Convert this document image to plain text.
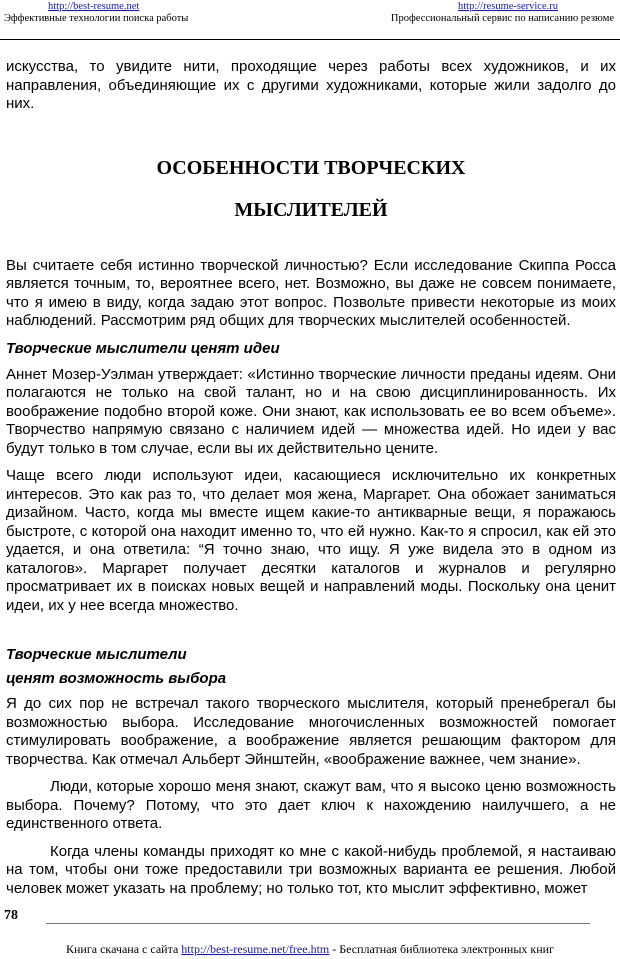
http://best-resume.net
Эффективные технологии поиска работы
http://resume-service.ru
Профессиональный сервис по написанию резюме

искусства, то увидите нити, проходящие через работы всех художников, и их направления, объединяющие их с другими художниками, которые жили задолго до них.

ОСОБЕННОСТИ ТВОРЧЕСКИХ

МЫСЛИТЕЛЕЙ

Вы считаете себя истинно творческой личностью? Если исследование Скиппа Росса является точным, то, вероятнее всего, нет. Возможно, вы даже не совсем понимаете, что я имею в виду, когда задаю этот вопрос. Позвольте привести некоторые из моих наблюдений. Рассмотрим ряд общих для творческих мыслителей особенностей.

Творческие мыслители ценят идеи

Аннет Мозер-Уэлман утверждает: «Истинно творческие личности преданы идеям. Они полагаются не только на свой талант, но и на свою дисциплинированность. Их воображение подобно второй коже. Они знают, как использовать ее во всем объеме». Творчество напрямую связано с наличием идей — множества идей. Но идеи у вас будут только в том случае, если вы их действительно цените.

Чаще всего люди используют идеи, касающиеся исключительно их конкретных интересов. Это как раз то, что делает моя жена, Маргарет. Она обожает заниматься дизайном. Часто, когда мы вместе ищем какие-то антикварные вещи, я поражаюсь быстроте, с которой она находит именно то, что ей нужно. Как-то я спросил, как ей это удается, и она ответила: “Я точно знаю, что ищу. Я уже видела это в одном из каталогов». Маргарет получает десятки каталогов и журналов и регулярно просматривает их в поисках новых вещей и направлений моды. Поскольку она ценит идеи, их у нее всегда множество.

Творческие мыслители

ценят возможность выбора

Я до сих пор не встречал такого творческого мыслителя, который пренебрегал бы возможностью выбора. Исследование многочисленных возможностей помогает стимулировать воображение, а воображение является решающим фактором для творчества. Как отмечал Альберт Эйнштейн, «воображение важнее, чем знание».

Люди, которые хорошо меня знают, скажут вам, что я высоко ценю возможность выбора. Почему? Потому, что это дает ключ к нахождению наилучшего, а не единственного ответа.

Когда члены команды приходят ко мне с какой-нибудь проблемой, я настаиваю на том, чтобы они тоже предоставили три возможных варианта ее решения. Любой человек может указать на проблему; но только тот, кто мыслит эффективно, может

78
Книга скачана с сайта http://best-resume.net/free.htm - Бесплатная библиотека электронных книг
